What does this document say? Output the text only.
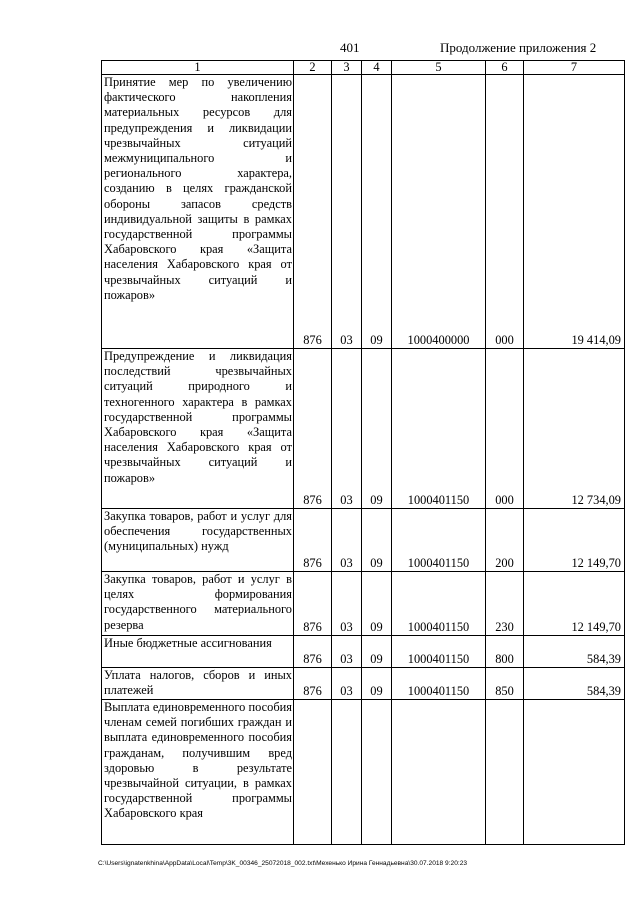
401	Продолжение приложения 2
1	2	3	4	5	6	7
Принятие мер по увеличению фактического накопления материальных ресурсов для предупреждения и ликвидации чрезвычайных ситуаций межмуниципального и регионального характера, созданию в целях гражданской обороны запасов средств индивидуальной защиты в рамках государственной программы Хабаровского края «Защита населения Хабаровского края от чрезвычайных ситуаций и пожаров»	876	03	09	1000400000	000	19 414,09
Предупреждение и ликвидация последствий чрезвычайных ситуаций природного и техногенного характера в рамках государственной программы Хабаровского края «Защита населения Хабаровского края от чрезвычайных ситуаций и пожаров»	876	03	09	1000401150	000	12 734,09
Закупка товаров, работ и услуг для обеспечения государственных (муниципальных) нужд	876	03	09	1000401150	200	12 149,70
Закупка товаров, работ и услуг в целях формирования государственного материального резерва	876	03	09	1000401150	230	12 149,70
Иные бюджетные ассигнования	876	03	09	1000401150	800	584,39
Уплата налогов, сборов и иных платежей	876	03	09	1000401150	850	584,39
Выплата единовременного пособия членам семей погибших граждан и выплата единовременного пособия гражданам, получившим вред здоровью в результате чрезвычайной ситуации, в рамках государственной программы Хабаровского края						
C:\Users\ignatenkhina\AppData\Local\Temp\3K_00346_25072018_002.txt\Мехенько Ирина Геннадьевна\30.07.2018 9:20:23
